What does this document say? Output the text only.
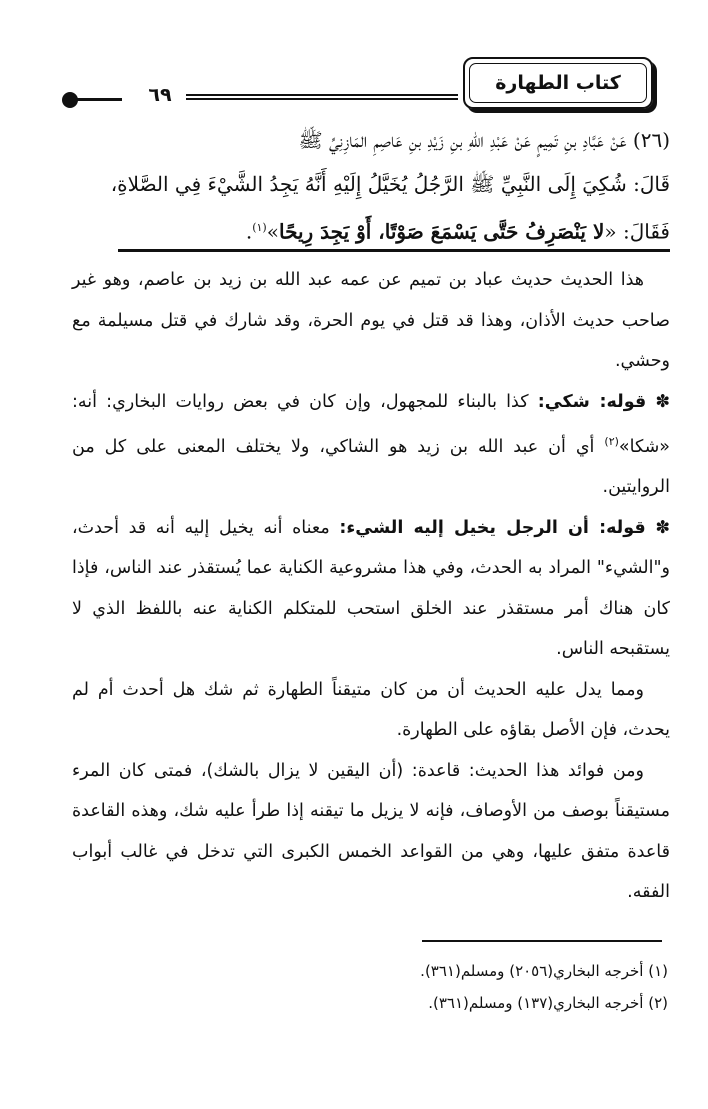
كتاب الطهارة
٦٩
(٢٦) عَنْ عَبَّادِ بنِ تَمِيمٍ عَنْ عَبْدِ اللهِ بنِ زَيْدِ بنِ عَاصِمِ المَازِنِيِّ ﷺ
قَالَ: شُكِيَ إِلَى النَّبِيِّ ﷺ الرَّجُلُ يُخَيَّلُ إِلَيْهِ أَنَّهُ يَجِدُ الشَّيْءَ فِي الصَّلاةِ،
فَقَالَ: «لا يَنْصَرِفُ حَتَّى يَسْمَعَ صَوْتًا، أَوْ يَجِدَ رِيحًا»$^{(١)}$.

هذا الحديث حديث عباد بن تميم عن عمه عبد الله بن زيد بن عاصم، وهو غير صاحب حديث الأذان، وهذا قد قتل في يوم الحرة، وقد شارك في قتل مسيلمة مع وحشي.

✽ قوله: شكي: كذا بالبناء للمجهول، وإن كان في بعض روايات البخاري: أنه: «شكا»$^{(٢)}$ أي أن عبد الله بن زيد هو الشاكي، ولا يختلف المعنى على كل من الروايتين.

✽ قوله: أن الرجل يخيل إليه الشيء: معناه أنه يخيل إليه أنه قد أحدث، و"الشيء" المراد به الحدث، وفي هذا مشروعية الكناية عما يُستقذر عند الناس، فإذا كان هناك أمر مستقذر عند الخلق استحب للمتكلم الكناية عنه باللفظ الذي لا يستقبحه الناس.

ومما يدل عليه الحديث أن من كان متيقناً الطهارة ثم شك هل أحدث أم لم يحدث، فإن الأصل بقاؤه على الطهارة.

ومن فوائد هذا الحديث: قاعدة: (أن اليقين لا يزال بالشك)، فمتى كان المرء مستيقناً بوصف من الأوصاف، فإنه لا يزيل ما تيقنه إذا طرأ عليه شك، وهذه القاعدة قاعدة متفق عليها، وهي من القواعد الخمس الكبرى التي تدخل في غالب أبواب الفقه.

(١) أخرجه البخاري(٢٠٥٦) ومسلم(٣٦١).

(٢) أخرجه البخاري(١٣٧) ومسلم(٣٦١).
